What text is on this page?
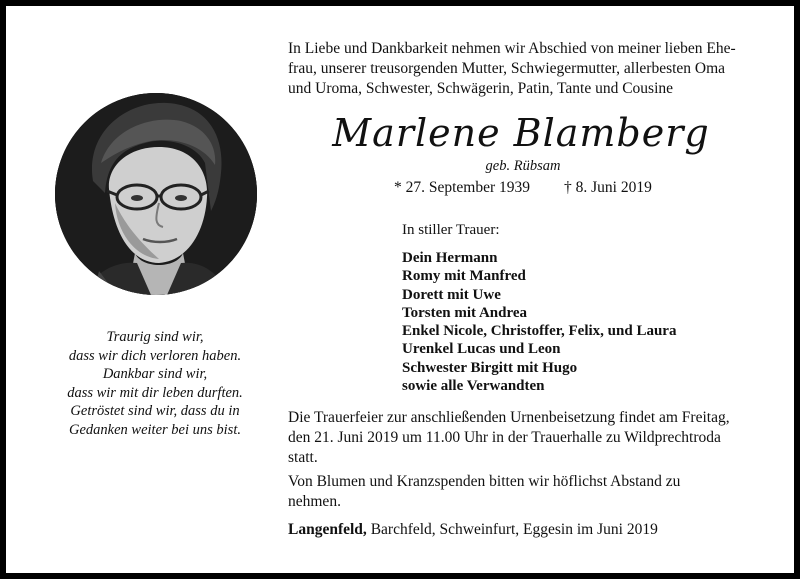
Traurig sind wir,
dass wir dich verloren haben.
Dankbar sind wir,
dass wir mit dir leben durften.
Getröstet sind wir, dass du in
Gedanken weiter bei uns bist.
In Liebe und Dankbarkeit nehmen wir Abschied von meiner lieben Ehe-
frau, unserer treusorgenden Mutter, Schwiegermutter, allerbesten Oma
und Uroma, Schwester, Schwägerin, Patin, Tante und Cousine
Marlene Blamberg
geb. Rübsam
* 27. September 1939 † 8. Juni 2019
In stiller Trauer:
Dein Hermann
Romy mit Manfred
Dorett mit Uwe
Torsten mit Andrea
Enkel Nicole, Christoffer, Felix, und Laura
Urenkel Lucas und Leon
Schwester Birgitt mit Hugo
sowie alle Verwandten
Die Trauerfeier zur anschließenden Urnenbeisetzung findet am Freitag,
den 21. Juni 2019 um 11.00 Uhr in der Trauerhalle zu Wildprechtroda
statt.
Von Blumen und Kranzspenden bitten wir höflichst Abstand zu
nehmen.
Langenfeld, Barchfeld, Schweinfurt, Eggesin im Juni 2019
